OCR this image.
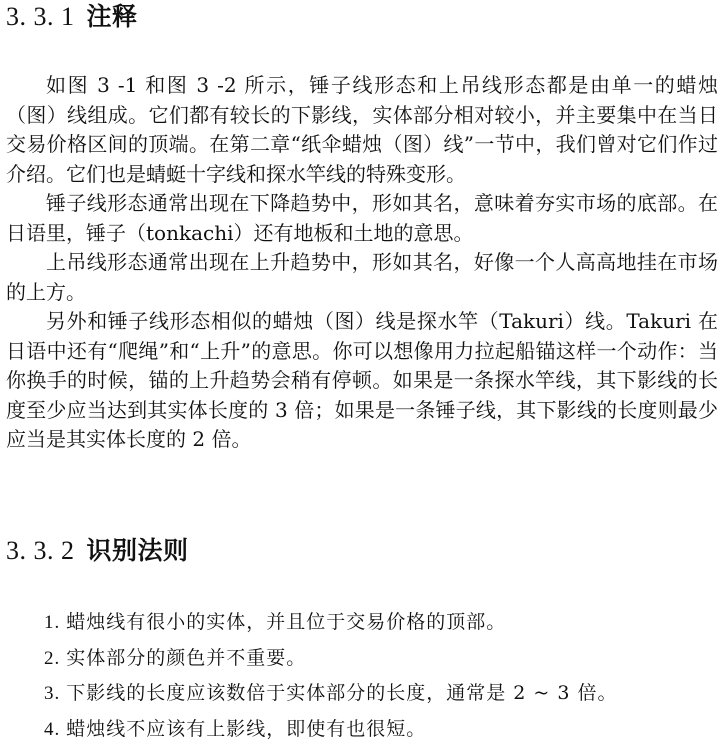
3. 3. 1 注释

如图 3 -1 和图 3 -2 所示，锤子线形态和上吊线形态都是由单一的蜡烛（图）线组成。它们都有较长的下影线，实体部分相对较小，并主要集中在当日交易价格区间的顶端。在第二章“纸伞蜡烛（图）线”一节中，我们曾对它们作过介绍。它们也是蜻蜓十字线和探水竿线的特殊变形。

锤子线形态通常出现在下降趋势中，形如其名，意味着夯实市场的底部。在日语里，锤子（tonkachi）还有地板和土地的意思。

上吊线形态通常出现在上升趋势中，形如其名，好像一个人高高地挂在市场的上方。

另外和锤子线形态相似的蜡烛（图）线是探水竿（Takuri）线。Takuri 在日语中还有“爬绳”和“上升”的意思。你可以想像用力拉起船锚这样一个动作：当你换手的时候，锚的上升趋势会稍有停顿。如果是一条探水竿线，其下影线的长度至少应当达到其实体长度的 3 倍；如果是一条锤子线，其下影线的长度则最少应当是其实体长度的 2 倍。

3. 3. 2 识别法则
1. 蜡烛线有很小的实体，并且位于交易价格的顶部。
2. 实体部分的颜色并不重要。
3. 下影线的长度应该数倍于实体部分的长度，通常是 2 ~ 3 倍。
4. 蜡烛线不应该有上影线，即使有也很短。
